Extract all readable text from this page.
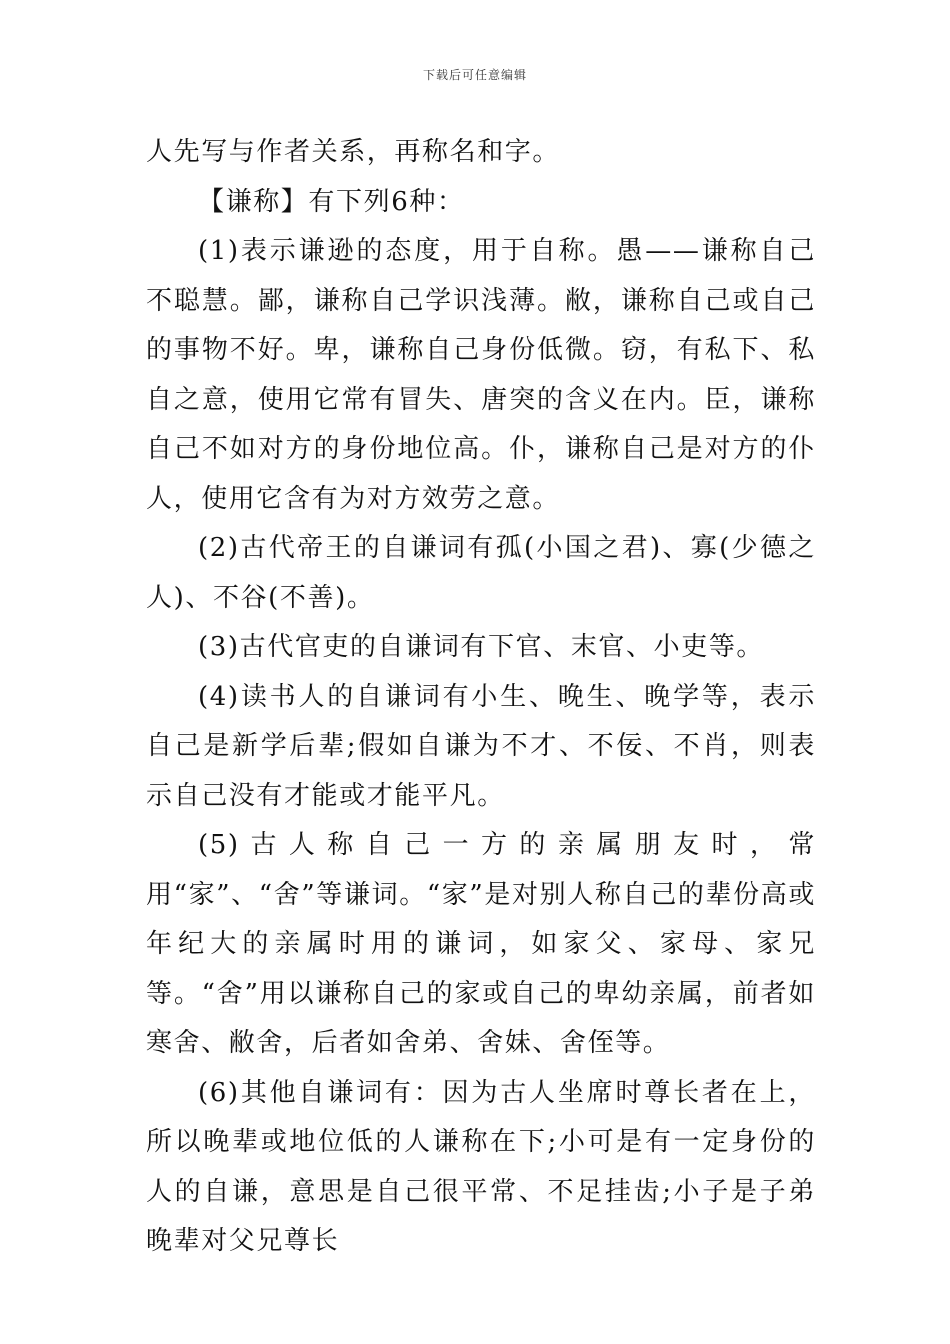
下载后可任意编辑

人先写与作者关系，再称名和字。

【谦称】有下列6种：

(1)表示谦逊的态度，用于自称。愚——谦称自己不聪慧。鄙，谦称自己学识浅薄。敝，谦称自己或自己的事物不好。卑，谦称自己身份低微。窃，有私下、私自之意，使用它常有冒失、唐突的含义在内。臣，谦称自己不如对方的身份地位高。仆，谦称自己是对方的仆人，使用它含有为对方效劳之意。

(2)古代帝王的自谦词有孤(小国之君)、寡(少德之人)、不谷(不善)。

(3)古代官吏的自谦词有下官、末官、小吏等。

(4)读书人的自谦词有小生、晚生、晚学等，表示自己是新学后辈;假如自谦为不才、不佞、不肖，则表示自己没有才能或才能平凡。

(5)古人称自己一方的亲属朋友时，常用“家”、“舍”等谦词。“家”是对别人称自己的辈份高或年纪大的亲属时用的谦词，如家父、家母、家兄等。“舍”用以谦称自己的家或自己的卑幼亲属，前者如寒舍、敝舍，后者如舍弟、舍妹、舍侄等。

(6)其他自谦词有：因为古人坐席时尊长者在上，所以晚辈或地位低的人谦称在下;小可是有一定身份的人的自谦，意思是自己很平常、不足挂齿;小子是子弟晚辈对父兄尊长
